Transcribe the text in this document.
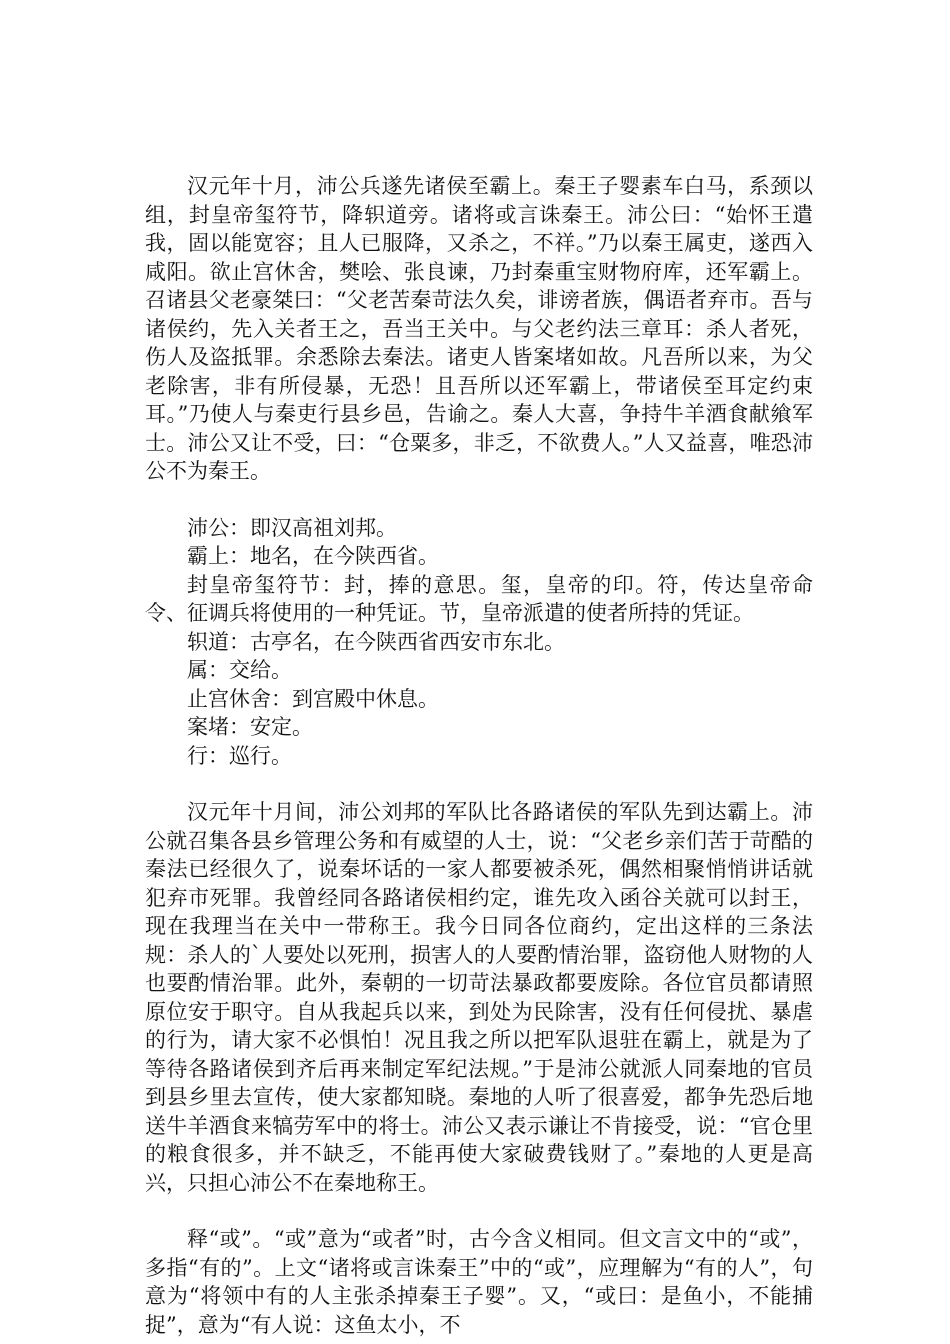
汉元年十月，沛公兵遂先诸侯至霸上。秦王子婴素车白马，系颈以组，封皇帝玺符节，降轵道旁。诸将或言诛秦王。沛公曰：“始怀王遣我，固以能宽容；且人已服降，又杀之，不祥。”乃以秦王属吏，遂西入咸阳。欲止宫休舍，樊哙、张良谏，乃封秦重宝财物府库，还军霸上。召诸县父老豪桀曰：“父老苦秦苛法久矣，诽谤者族，偶语者弃市。吾与诸侯约，先入关者王之，吾当王关中。与父老约法三章耳：杀人者死，伤人及盗抵罪。余悉除去秦法。诸吏人皆案堵如故。凡吾所以来，为父老除害，非有所侵暴，无恐！且吾所以还军霸上，带诸侯至耳定约束耳。”乃使人与秦吏行县乡邑，告谕之。秦人大喜，争持牛羊酒食献飨军士。沛公又让不受，曰：“仓粟多，非乏，不欲费人。”人又益喜，唯恐沛公不为秦王。

沛公：即汉高祖刘邦。

霸上：地名，在今陕西省。

封皇帝玺符节：封，捧的意思。玺，皇帝的印。符，传达皇帝命令、征调兵将使用的一种凭证。节，皇帝派遣的使者所持的凭证。

轵道：古亭名，在今陕西省西安市东北。

属：交给。

止宫休舍：到宫殿中休息。

案堵：安定。

行：巡行。

汉元年十月间，沛公刘邦的军队比各路诸侯的军队先到达霸上。沛公就召集各县乡管理公务和有威望的人士，说：“父老乡亲们苦于苛酷的秦法已经很久了，说秦坏话的一家人都要被杀死，偶然相聚悄悄讲话就犯弃市死罪。我曾经同各路诸侯相约定，谁先攻入函谷关就可以封王，现在我理当在关中一带称王。我今日同各位商约，定出这样的三条法规：杀人的`人要处以死刑，损害人的人要酌情治罪，盗窃他人财物的人也要酌情治罪。此外，秦朝的一切苛法暴政都要废除。各位官员都请照原位安于职守。自从我起兵以来，到处为民除害，没有任何侵扰、暴虐的行为，请大家不必惧怕！况且我之所以把军队退驻在霸上，就是为了等待各路诸侯到齐后再来制定军纪法规。”于是沛公就派人同秦地的官员到县乡里去宣传，使大家都知晓。秦地的人听了很喜爱，都争先恐后地送牛羊酒食来犒劳军中的将士。沛公又表示谦让不肯接受，说：“官仓里的粮食很多，并不缺乏，不能再使大家破费钱财了。”秦地的人更是高兴，只担心沛公不在秦地称王。

释“或”。“或”意为“或者”时，古今含义相同。但文言文中的“或”，多指“有的”。上文“诸将或言诛秦王”中的“或”，应理解为“有的人”，句意为“将领中有的人主张杀掉秦王子婴”。又，“或曰：是鱼小，不能捕捉”，意为“有人说：这鱼太小，不
